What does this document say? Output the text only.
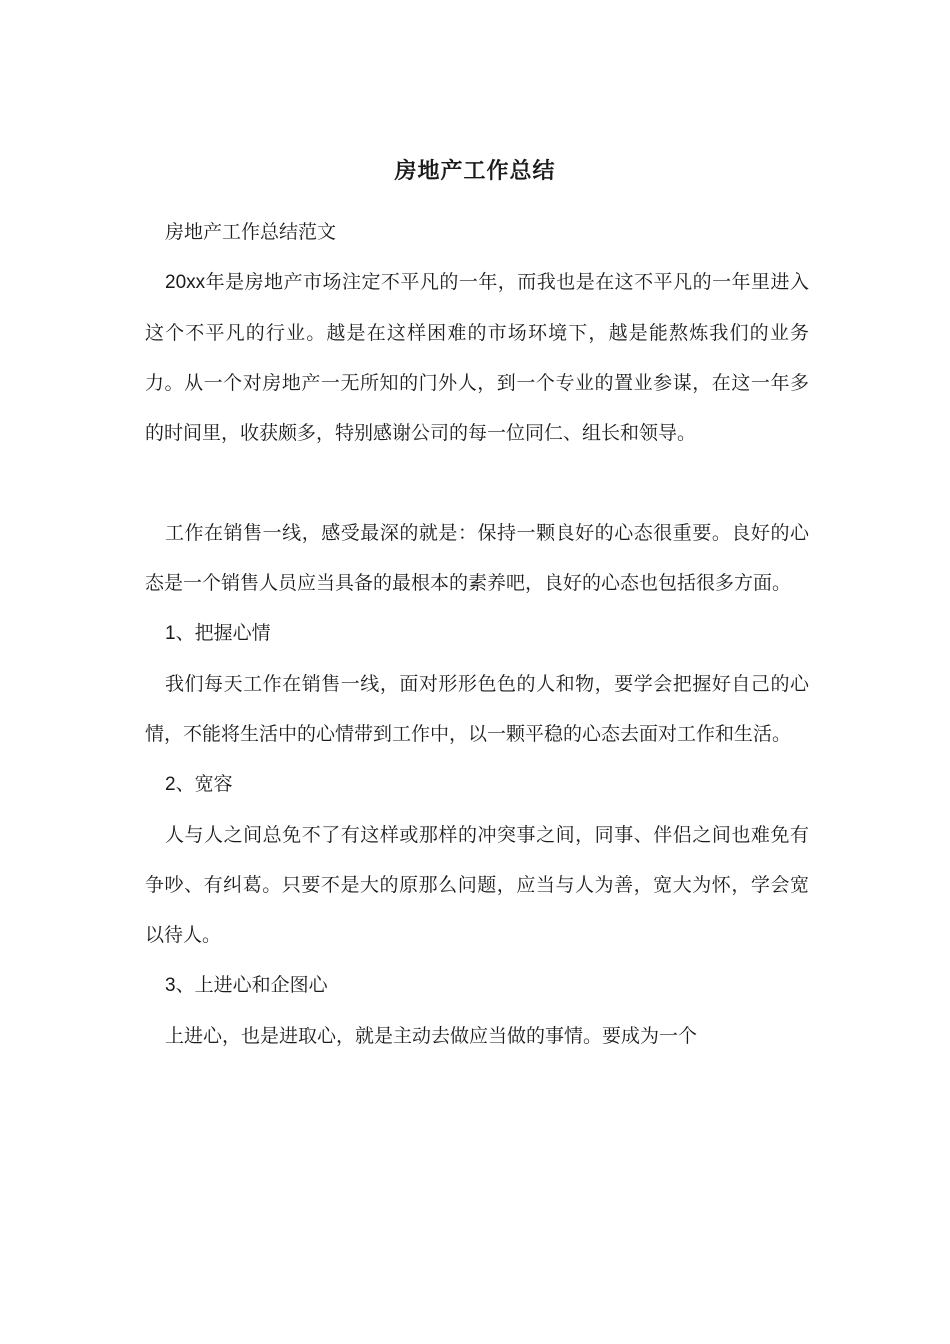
房地产工作总结

房地产工作总结范文

20xx年是房地产市场注定不平凡的一年，而我也是在这不平凡的一年里进入这个不平凡的行业。越是在这样困难的市场环境下，越是能熬炼我们的业务力。从一个对房地产一无所知的门外人，到一个专业的置业参谋，在这一年多的时间里，收获颇多，特别感谢公司的每一位同仁、组长和领导。

工作在销售一线，感受最深的就是：保持一颗良好的心态很重要。良好的心态是一个销售人员应当具备的最根本的素养吧，良好的心态也包括很多方面。

1、把握心情

我们每天工作在销售一线，面对形形色色的人和物，要学会把握好自己的心情，不能将生活中的心情带到工作中，以一颗平稳的心态去面对工作和生活。

2、宽容

人与人之间总免不了有这样或那样的冲突事之间，同事、伴侣之间也难免有争吵、有纠葛。只要不是大的原那么问题，应当与人为善，宽大为怀，学会宽以待人。

3、上进心和企图心

上进心，也是进取心，就是主动去做应当做的事情。要成为一个
